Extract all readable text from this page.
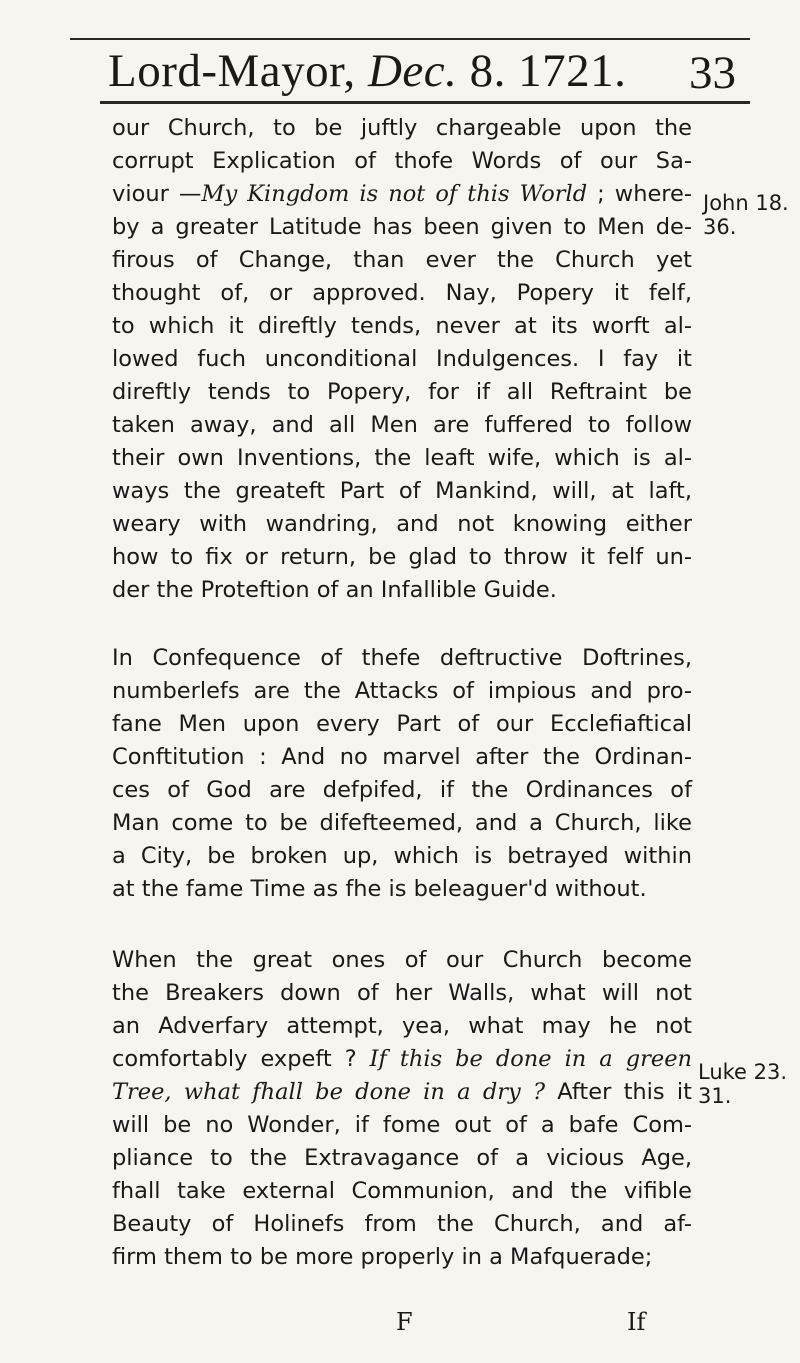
Lord-Mayor, Dec. 8. 1721. 33
our Church, to be juftly chargeable upon the
corrupt Explication of thofe Words of our Sa-
viour —My Kingdom is not of this World ; where-
by a greater Latitude has been given to Men de-
firous of Change, than ever the Church yet
thought of, or approved. Nay, Popery it felf,
to which it direftly tends, never at its worft al-
lowed fuch unconditional Indulgences. I fay it
direftly tends to Popery, for if all Reftraint be
taken away, and all Men are fuffered to follow
their own Inventions, the leaft wife, which is al-
ways the greateft Part of Mankind, will, at laft,
weary with wandring, and not knowing either
how to fix or return, be glad to throw it felf un-
der the Proteftion of an Infallible Guide.
In Confequence of thefe deftructive Doftrines,
numberlefs are the Attacks of impious and pro-
fane Men upon every Part of our Ecclefiaftical
Conftitution : And no marvel after the Ordinan-
ces of God are defpifed, if the Ordinances of
Man come to be difefteemed, and a Church, like
a City, be broken up, which is betrayed within
at the fame Time as fhe is beleaguer'd without.
When the great ones of our Church become
the Breakers down of her Walls, what will not
an Adverfary attempt, yea, what may he not
comfortably expeft ? If this be done in a green
Tree, what fhall be done in a dry ? After this it
will be no Wonder, if fome out of a bafe Com-
pliance to the Extravagance of a vicious Age,
fhall take external Communion, and the vifible
Beauty of Holinefs from the Church, and af-
firm them to be more properly in a Mafquerade;
John 18.
36.
Luke 23.
31.
F	If
